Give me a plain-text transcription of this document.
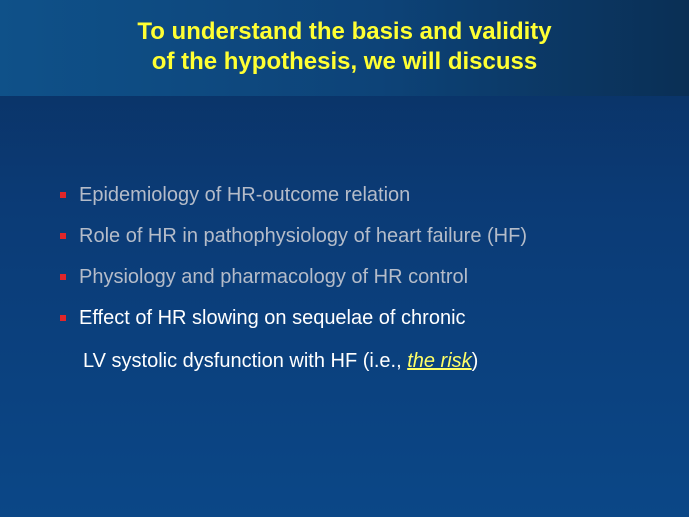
To understand the basis and validity
of the hypothesis, we will discuss
Epidemiology of HR-outcome relation
Role of HR in pathophysiology of heart failure (HF)
Physiology and pharmacology of HR control
Effect of HR slowing on sequelae of chronic
LV systolic dysfunction with HF (i.e., the risk)
